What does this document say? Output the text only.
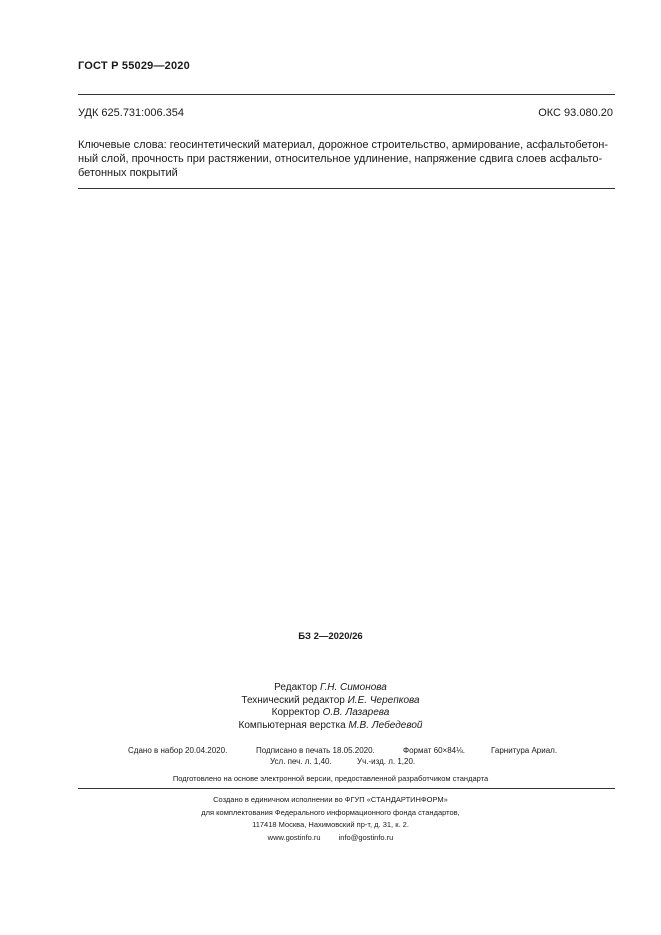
ГОСТ Р 55029—2020
УДК 625.731:006.354	ОКС 93.080.20
Ключевые слова: геосинтетический материал, дорожное строительство, армирование, асфальтобетон-
ный слой, прочность при растяжении, относительное удлинение, напряжение сдвига слоев асфальто-
бетонных покрытий
БЗ 2—2020/26
Редактор Г.Н. Симонова
Технический редактор И.Е. Черепкова
Корректор О.В. Лазарева
Компьютерная верстка М.В. Лебедевой
Сдано в набор 20.04.2020.	Подписано в печать 18.05.2020.	Формат 60×84⅛.	Гарнитура Ариал.
Усл. печ. л. 1,40.	Уч.-изд. л. 1,20.
Подготовлено на основе электронной версии, предоставленной разработчиком стандарта
Создано в единичном исполнении во ФГУП «СТАНДАРТИНФОРМ»
для комплектования Федерального информационного фонда стандартов,
117418 Москва, Нахимовский пр-т, д. 31, к. 2.
www.gostinfo.ru info@gostinfo.ru
